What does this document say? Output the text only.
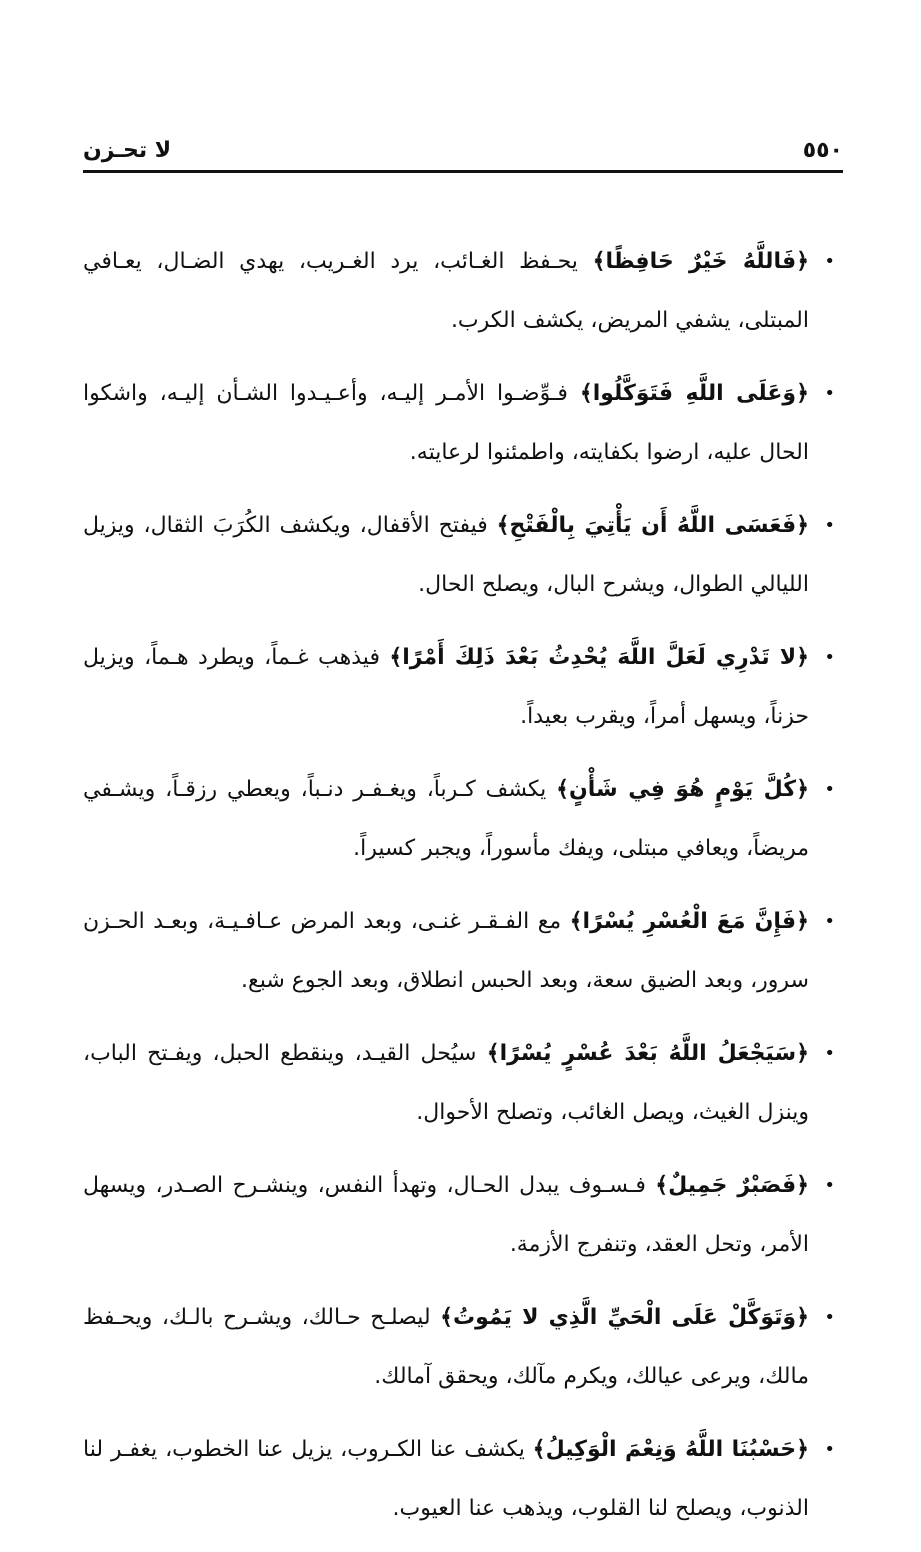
٥٥٠
لا تحـزن

•
﴿فَاللَّهُ خَيْرٌ حَافِظًا﴾ يحـفظ الغـائب، يرد الغـريب، يهدي الضـال، يعـافي المبتلى، يشفي المريض، يكشف الكرب.

•
﴿وَعَلَى اللَّهِ فَتَوَكَّلُوا﴾ فـوِّضـوا الأمـر إليـه، وأعـيـدوا الشـأن إليـه، واشكوا الحال عليه، ارضوا بكفايته، واطمئنوا لرعايته.

•
﴿فَعَسَى اللَّهُ أَن يَأْتِيَ بِالْفَتْحِ﴾ فيفتح الأقفال، ويكشف الكُرَبَ الثقال، ويزيل الليالي الطوال، ويشرح البال، ويصلح الحال.

•
﴿لا تَدْرِي لَعَلَّ اللَّهَ يُحْدِثُ بَعْدَ ذَلِكَ أَمْرًا﴾ فيذهب غـماً، ويطرد هـماً، ويزيل حزناً، ويسهل أمراً، ويقرب بعيداً.

•
﴿كُلَّ يَوْمٍ هُوَ فِي شَأْنٍ﴾ يكشف كـرباً، ويغـفـر دنـباً، ويعطي رزقـاً، ويشـفي مريضاً، ويعافي مبتلى، ويفك مأسوراً، ويجبر كسيراً.

•
﴿فَإِنَّ مَعَ الْعُسْرِ يُسْرًا﴾ مع الفـقـر غنـى، وبعد المرض عـافـيـة، وبعـد الحـزن سرور، وبعد الضيق سعة، وبعد الحبس انطلاق، وبعد الجوع شبع.

•
﴿سَيَجْعَلُ اللَّهُ بَعْدَ عُسْرٍ يُسْرًا﴾ سيُحل القيـد، وينقطع الحبل، ويفـتح الباب، وينزل الغيث، ويصل الغائب، وتصلح الأحوال.

•
﴿فَصَبْرٌ جَمِيلٌ﴾ فـسـوف يبدل الحـال، وتهدأ النفس، وينشـرح الصـدر، ويسهل الأمر، وتحل العقد، وتنفرج الأزمة.

•
﴿وَتَوَكَّلْ عَلَى الْحَيِّ الَّذِي لا يَمُوتُ﴾ ليصلـح حـالك، ويشـرح بالـك، ويحـفظ مالك، ويرعى عيالك، ويكرم مآلك، ويحقق آمالك.

•
﴿حَسْبُنَا اللَّهُ وَنِعْمَ الْوَكِيلُ﴾ يكشف عنا الكـروب، يزيل عنا الخطوب، يغفـر لنا الذنوب، ويصلح لنا القلوب، ويذهب عنا العيوب.
